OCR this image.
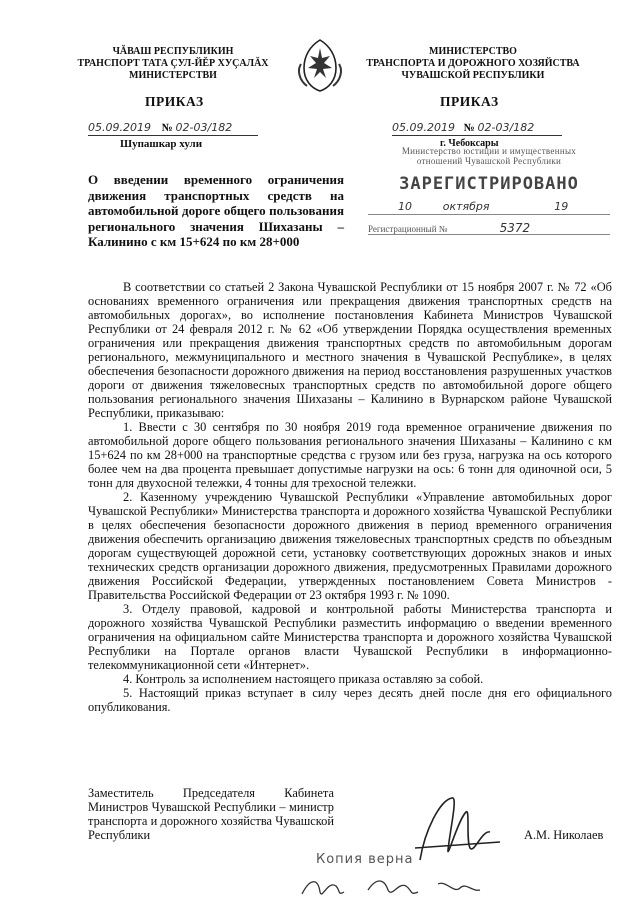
ЧĂВАШ РЕСПУБЛИКИН
ТРАНСПОРТ ТАТА ÇУЛ-ЙĔР ХУÇАЛĂХ
МИНИСТЕРСТВИ
МИНИСТЕРСТВО
ТРАНСПОРТА И ДОРОЖНОГО ХОЗЯЙСТВА
ЧУВАШСКОЙ РЕСПУБЛИКИ
ПРИКАЗ	ПРИКАЗ
05.09.2019 № 02-03/182
Шупашкар хули
05.09.2019 № 02-03/182
г. Чебоксары
Министерство юстиции и имущественных
отношений Чувашской Республики
ЗАРЕГИСТРИРОВАНО
10	октября	19
Регистрационный №	5372
О введении временного ограничения движения транспортных средств на автомобильной дороге общего пользования регионального значения Шихазаны – Калинино с км 15+624 по км 28+000

В соответствии со статьей 2 Закона Чувашской Республики от 15 ноября 2007 г. № 72 «Об основаниях временного ограничения или прекращения движения транспортных средств на автомобильных дорогах», во исполнение постановления Кабинета Министров Чувашской Республики от 24 февраля 2012 г. № 62 «Об утверждении Порядка осуществления временных ограничения или прекращения движения транспортных средств по автомобильным дорогам регионального, межмуниципального и местного значения в Чувашской Республике», в целях обеспечения безопасности дорожного движения на период восстановления разрушенных участков дороги от движения тяжеловесных транспортных средств по автомобильной дороге общего пользования регионального значения Шихазаны – Калинино в Вурнарском районе Чувашской Республики, приказываю:

1. Ввести с 30 сентября по 30 ноября 2019 года временное ограничение движения по автомобильной дороге общего пользования регионального значения Шихазаны – Калинино с км 15+624 по км 28+000 на транспортные средства с грузом или без груза, нагрузка на ось которого более чем на два процента превышает допустимые нагрузки на ось: 6 тонн для одиночной оси, 5 тонн для двухосной тележки, 4 тонны для трехосной тележки.

2. Казенному учреждению Чувашской Республики «Управление автомобильных дорог Чувашской Республики» Министерства транспорта и дорожного хозяйства Чувашской Республики в целях обеспечения безопасности дорожного движения в период временного ограничения движения обеспечить организацию движения тяжеловесных транспортных средств по объездным дорогам существующей дорожной сети, установку соответствующих дорожных знаков и иных технических средств организации дорожного движения, предусмотренных Правилами дорожного движения Российской Федерации, утвержденных постановлением Совета Министров - Правительства Российской Федерации от 23 октября 1993 г. № 1090.

3. Отделу правовой, кадровой и контрольной работы Министерства транспорта и дорожного хозяйства Чувашской Республики разместить информацию о введении временного ограничения на официальном сайте Министерства транспорта и дорожного хозяйства Чувашской Республики на Портале органов власти Чувашской Республики в информационно-телекоммуникационной сети «Интернет».

4. Контроль за исполнением настоящего приказа оставляю за собой.

5. Настоящий приказ вступает в силу через десять дней после дня его официального опубликования.

Заместитель Председателя Кабинета Министров Чувашской Республики – министр транспорта и дорожного хозяйства Чувашской Республики	А.М. Николаев
Копия верна
